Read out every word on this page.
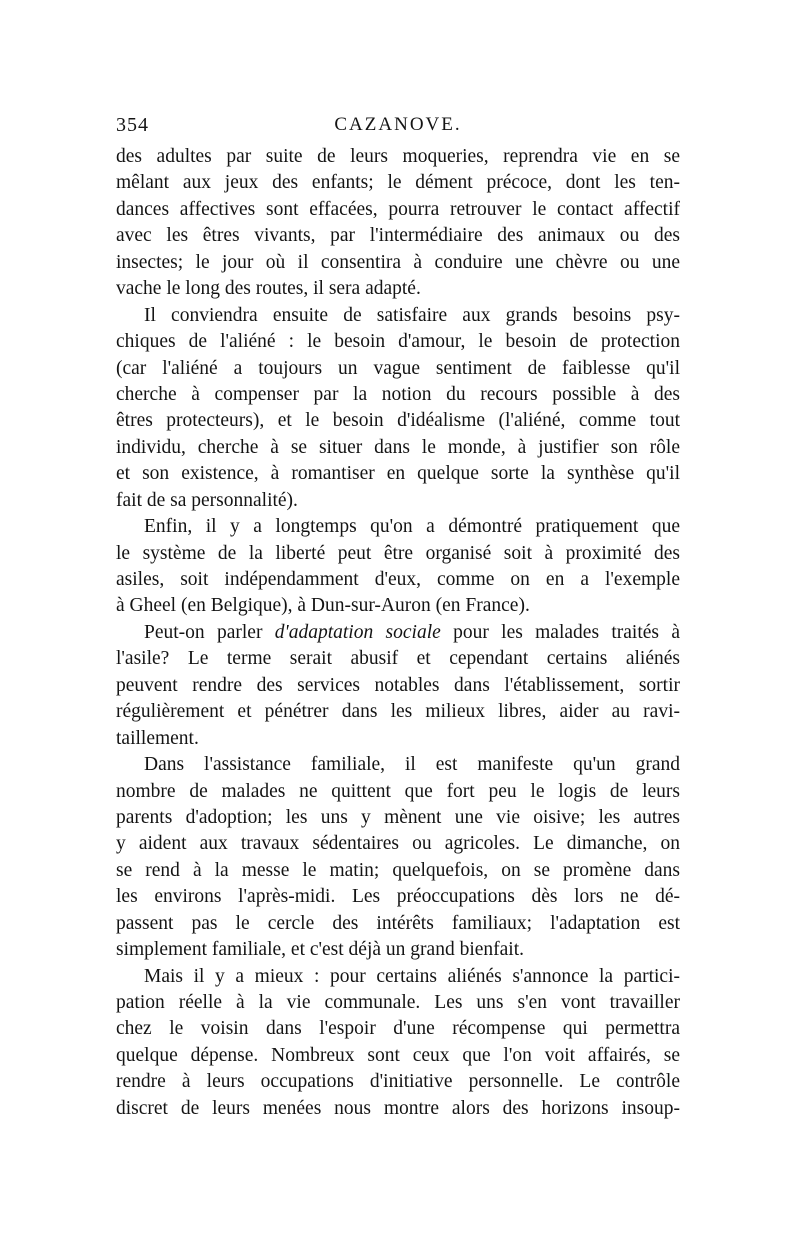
354	CAZANOVE.
des adultes par suite de leurs moqueries, reprendra vie en se
mêlant aux jeux des enfants; le dément précoce, dont les ten-
dances affectives sont effacées, pourra retrouver le contact affectif
avec les êtres vivants, par l'intermédiaire des animaux ou des
insectes; le jour où il consentira à conduire une chèvre ou une
vache le long des routes, il sera adapté.
Il conviendra ensuite de satisfaire aux grands besoins psy-
chiques de l'aliéné : le besoin d'amour, le besoin de protection
(car l'aliéné a toujours un vague sentiment de faiblesse qu'il
cherche à compenser par la notion du recours possible à des
êtres protecteurs), et le besoin d'idéalisme (l'aliéné, comme tout
individu, cherche à se situer dans le monde, à justifier son rôle
et son existence, à romantiser en quelque sorte la synthèse qu'il
fait de sa personnalité).
Enfin, il y a longtemps qu'on a démontré pratiquement que
le système de la liberté peut être organisé soit à proximité des
asiles, soit indépendamment d'eux, comme on en a l'exemple
à Gheel (en Belgique), à Dun-sur-Auron (en France).
Peut-on parler d'adaptation sociale pour les malades traités à
l'asile? Le terme serait abusif et cependant certains aliénés
peuvent rendre des services notables dans l'établissement, sortir
régulièrement et pénétrer dans les milieux libres, aider au ravi-
taillement.
Dans l'assistance familiale, il est manifeste qu'un grand
nombre de malades ne quittent que fort peu le logis de leurs
parents d'adoption; les uns y mènent une vie oisive; les autres
y aident aux travaux sédentaires ou agricoles. Le dimanche, on
se rend à la messe le matin; quelquefois, on se promène dans
les environs l'après-midi. Les préoccupations dès lors ne dé-
passent pas le cercle des intérêts familiaux; l'adaptation est
simplement familiale, et c'est déjà un grand bienfait.
Mais il y a mieux : pour certains aliénés s'annonce la partici-
pation réelle à la vie communale. Les uns s'en vont travailler
chez le voisin dans l'espoir d'une récompense qui permettra
quelque dépense. Nombreux sont ceux que l'on voit affairés, se
rendre à leurs occupations d'initiative personnelle. Le contrôle
discret de leurs menées nous montre alors des horizons insoup-
